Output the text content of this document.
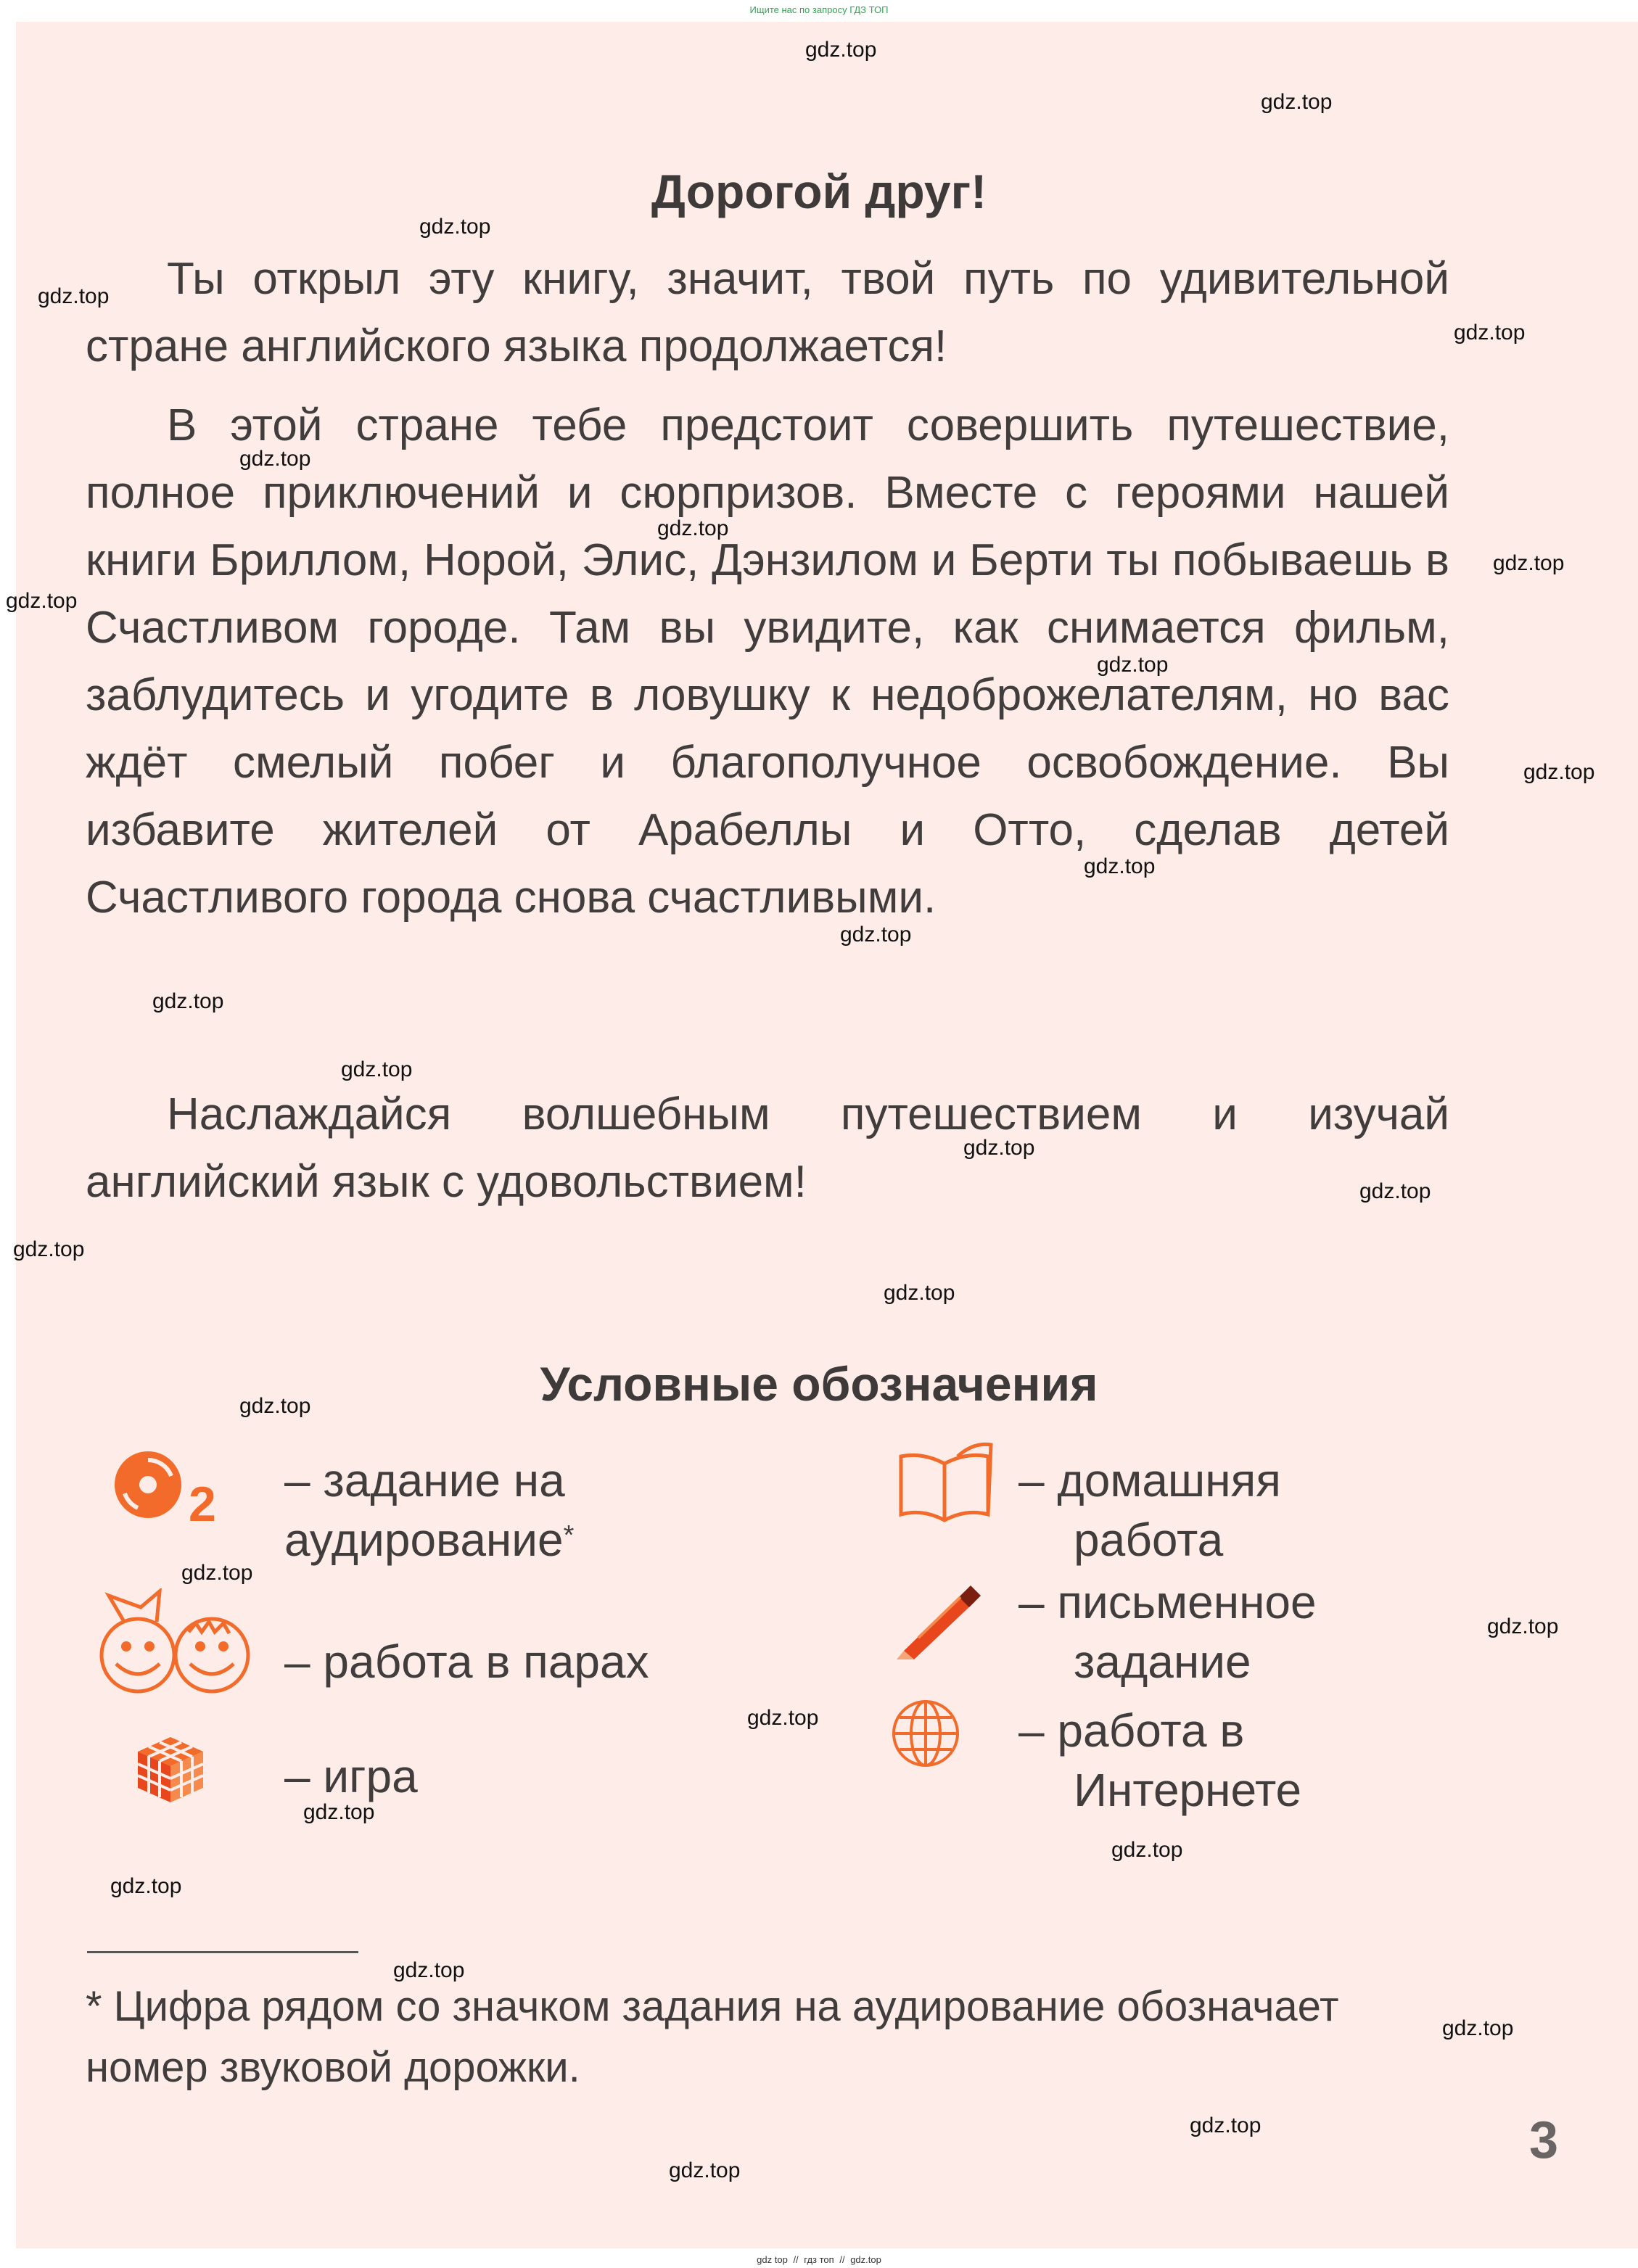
Ищите нас по запросу ГДЗ ТОП
Дорогой друг!
Ты открыл эту книгу, значит, твой путь по удивительной стране английского языка продолжается!
В этой стране тебе предстоит совершить путешествие, полное приключений и сюрпризов. Вместе с героями нашей книги Бриллом, Норой, Элис, Дэнзилом и Берти ты побываешь в Счастливом городе. Там вы увидите, как снимается фильм, заблудитесь и угодите в ловушку к недоброжелателям, но вас ждёт смелый побег и благополучное освобождение. Вы избавите жителей от Арабеллы и Отто, сделав детей Счастливого города снова счастливыми.
Наслаждайся волшебным путешествием и изучай английский язык с удовольствием!
Условные обозначения
2 – задание на
аудирование*
– работа в парах
– игра
– домашняя
работа
– письменное
задание
– работа в
Интернете
* Цифра рядом со значком задания на аудирование обозначает номер звуковой дорожки.
3
gdz.top
gdz.top
gdz.top
gdz.top
gdz.top
gdz.top
gdz.top
gdz.top
gdz.top
gdz.top
gdz.top
gdz.top
gdz.top
gdz.top
gdz.top
gdz.top
gdz.top
gdz.top
gdz.top
gdz.top
gdz.top
gdz.top
gdz.top
gdz.top
gdz.top
gdz.top
gdz.top
gdz.top
gdz.top
gdz.top
gdz top // гдз топ // gdz.top
